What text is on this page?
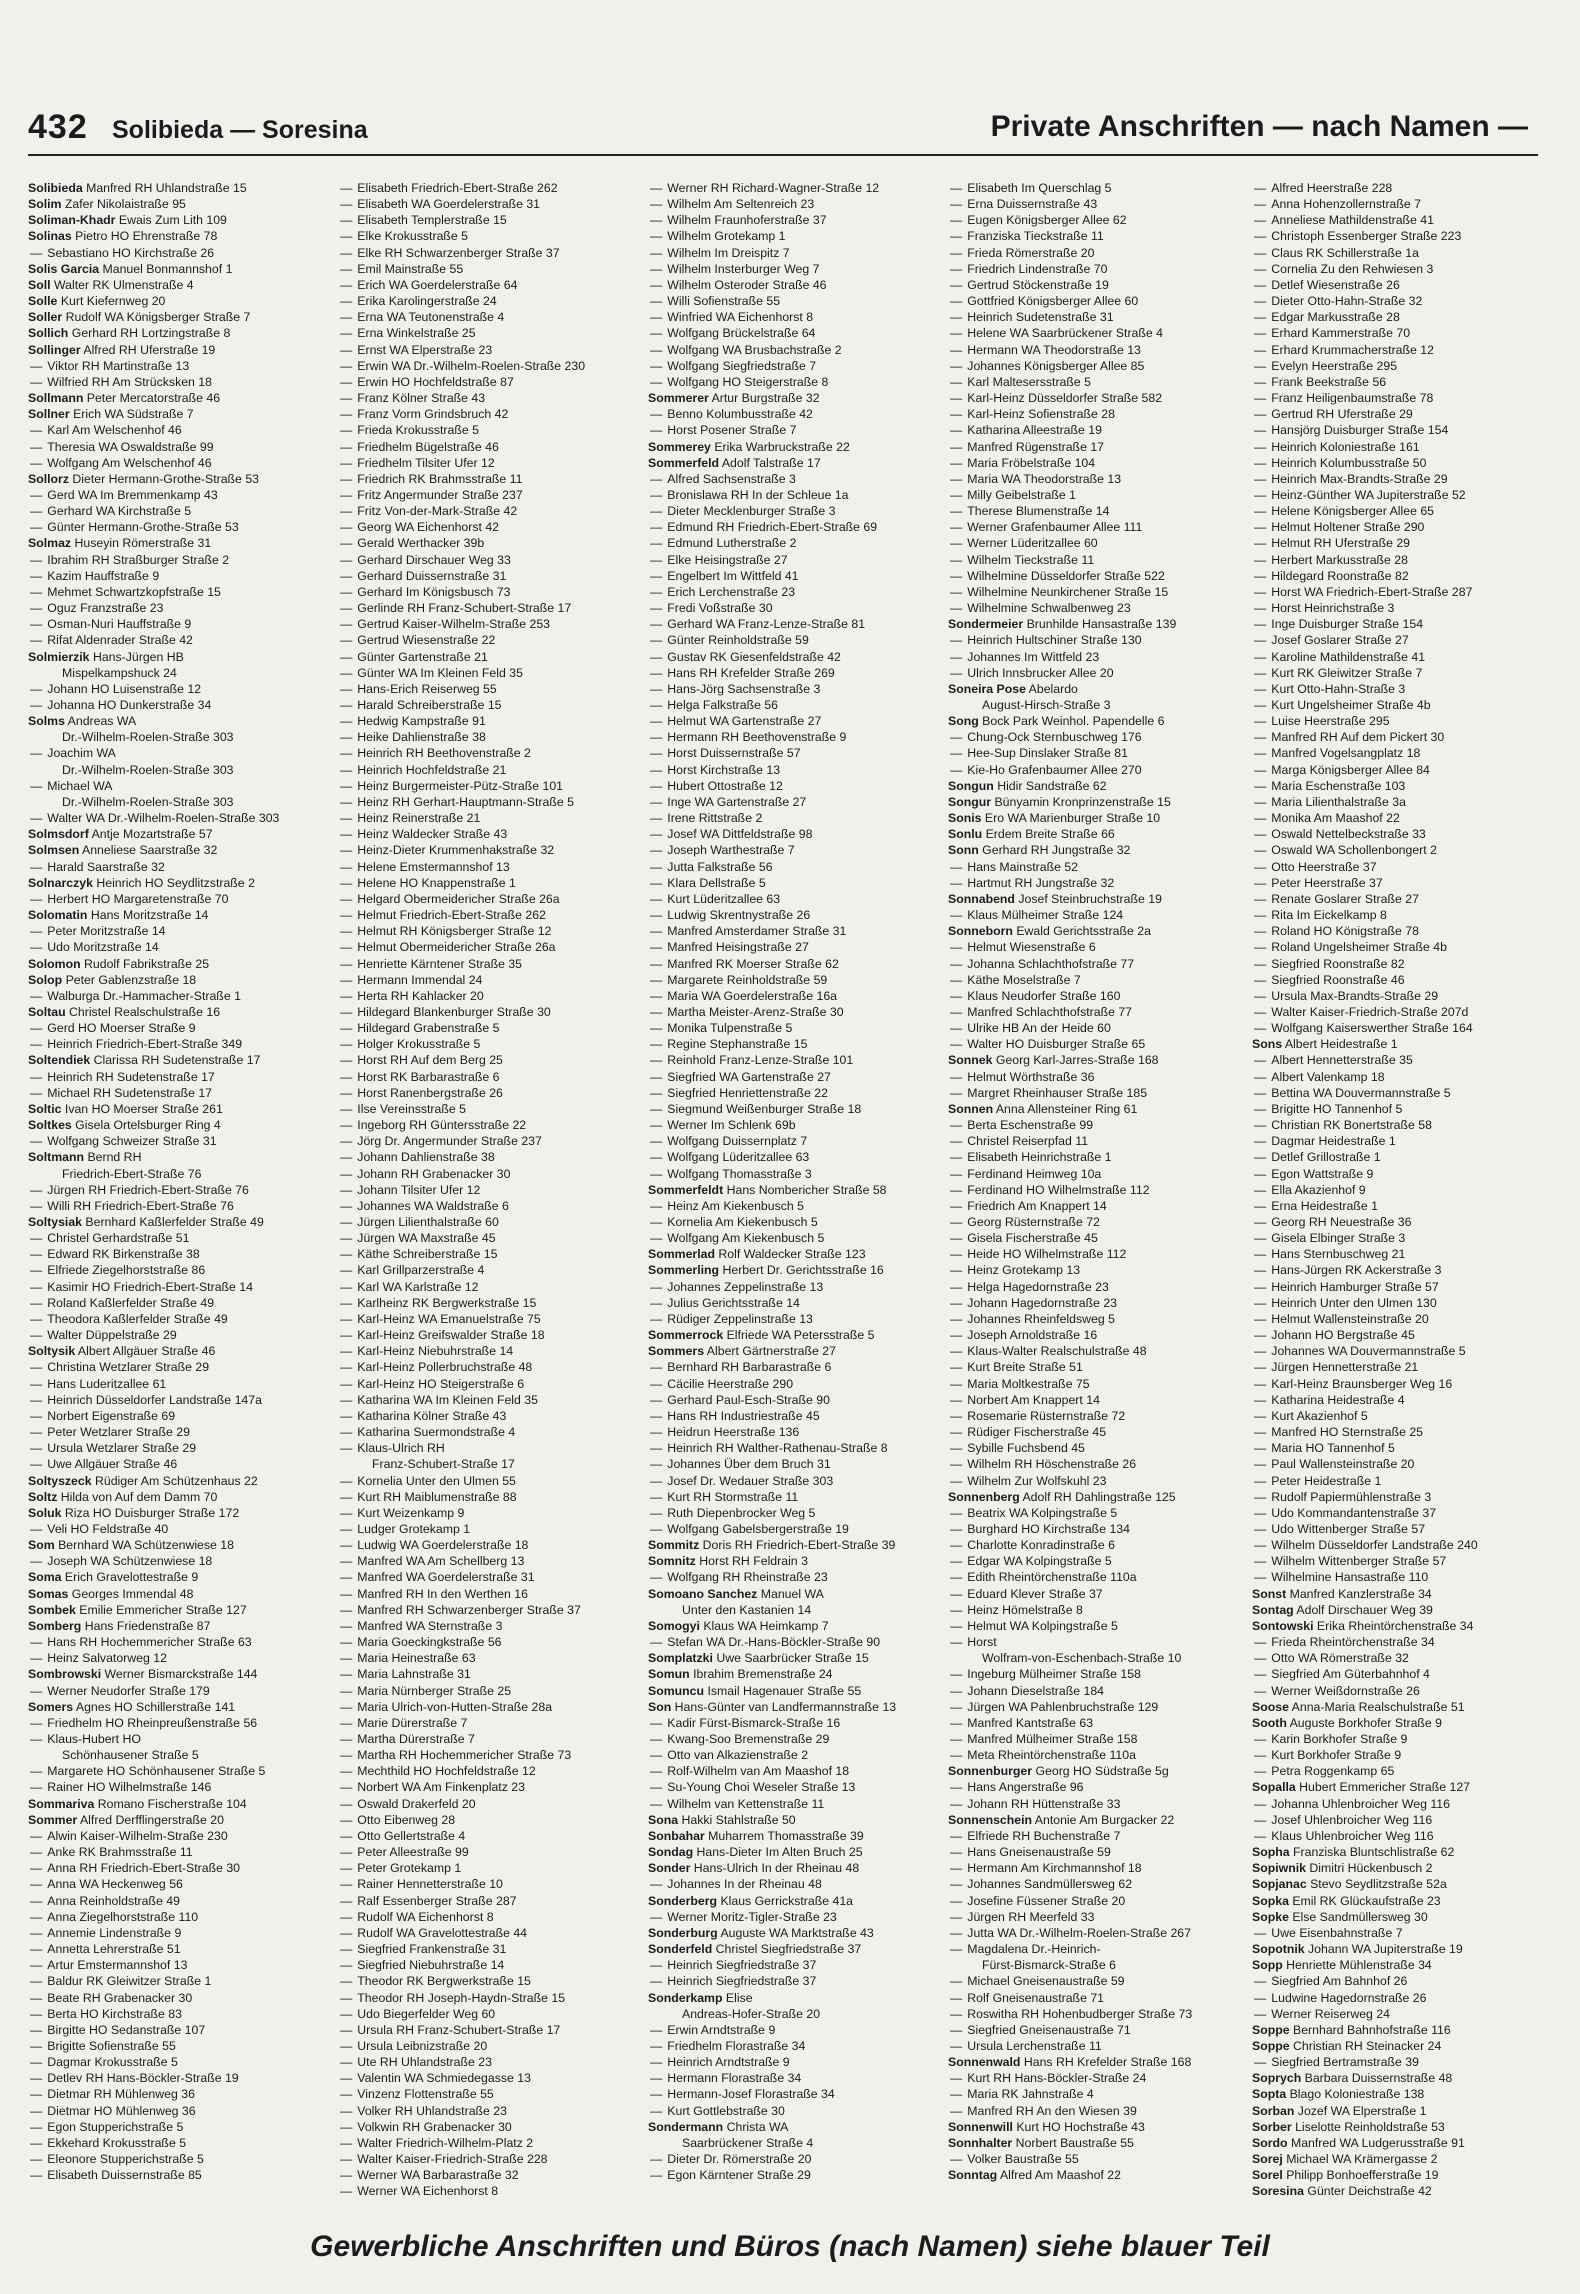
432 Solibieda — Soresina	Private Anschriften — nach Namen —
Solibieda Manfred RH Uhlandstraße 15
Solim Zafer Nikolaistraße 95
Soliman-Khadr Ewais Zum Lith 109
Solinas Pietro HO Ehrenstraße 78
— Sebastiano HO Kirchstraße 26
Solis Garcia Manuel Bonmannshof 1
Soll Walter RK Ulmenstraße 4
Solle Kurt Kiefernweg 20
Soller Rudolf WA Königsberger Straße 7
Sollich Gerhard RH Lortzingstraße 8
Sollinger Alfred RH Uferstraße 19
— Viktor RH Martinstraße 13
— Wilfried RH Am Strücksken 18
Sollmann Peter Mercatorstraße 46
Sollner Erich WA Südstraße 7
— Karl Am Welschenhof 46
— Theresia WA Oswaldstraße 99
— Wolfgang Am Welschenhof 46
Sollorz Dieter Hermann-Grothe-Straße 53
— Gerd WA Im Bremmenkamp 43
— Gerhard WA Kirchstraße 5
— Günter Hermann-Grothe-Straße 53
Solmaz Huseyin Römerstraße 31
— Ibrahim RH Straßburger Straße 2
— Kazim Hauffstraße 9
— Mehmet Schwartzkopfstraße 15
— Oguz Franzstraße 23
— Osman-Nuri Hauffstraße 9
— Rifat Aldenrader Straße 42
Solmierzik Hans-Jürgen HB
Mispelkampshuck 24
— Johann HO Luisenstraße 12
— Johanna HO Dunkerstraße 34
Solms Andreas WA
Dr.-Wilhelm-Roelen-Straße 303
— Joachim WA
Dr.-Wilhelm-Roelen-Straße 303
— Michael WA
Dr.-Wilhelm-Roelen-Straße 303
— Walter WA Dr.-Wilhelm-Roelen-Straße 303
Solmsdorf Antje Mozartstraße 57
Solmsen Anneliese Saarstraße 32
— Harald Saarstraße 32
Solnarczyk Heinrich HO Seydlitzstraße 2
— Herbert HO Margaretenstraße 70
Solomatin Hans Moritzstraße 14
— Peter Moritzstraße 14
— Udo Moritzstraße 14
Solomon Rudolf Fabrikstraße 25
Solop Peter Gablenzstraße 18
— Walburga Dr.-Hammacher-Straße 1
Soltau Christel Realschulstraße 16
— Gerd HO Moerser Straße 9
— Heinrich Friedrich-Ebert-Straße 349
Soltendiek Clarissa RH Sudetenstraße 17
— Heinrich RH Sudetenstraße 17
— Michael RH Sudetenstraße 17
Soltic Ivan HO Moerser Straße 261
Soltkes Gisela Ortelsburger Ring 4
— Wolfgang Schweizer Straße 31
Soltmann Bernd RH
Friedrich-Ebert-Straße 76
— Jürgen RH Friedrich-Ebert-Straße 76
— Willi RH Friedrich-Ebert-Straße 76
Soltysiak Bernhard Kaßlerfelder Straße 49
— Christel Gerhardstraße 51
— Edward RK Birkenstraße 38
— Elfriede Ziegelhorststraße 86
— Kasimir HO Friedrich-Ebert-Straße 14
— Roland Kaßlerfelder Straße 49
— Theodora Kaßlerfelder Straße 49
— Walter Düppelstraße 29
Soltysik Albert Allgäuer Straße 46
— Christina Wetzlarer Straße 29
— Hans Luderitzallee 61
— Heinrich Düsseldorfer Landstraße 147a
— Norbert Eigenstraße 69
— Peter Wetzlarer Straße 29
— Ursula Wetzlarer Straße 29
— Uwe Allgäuer Straße 46
Soltyszeck Rüdiger Am Schützenhaus 22
Soltz Hilda von Auf dem Damm 70
Soluk Riza HO Duisburger Straße 172
— Veli HO Feldstraße 40
Som Bernhard WA Schützenwiese 18
— Joseph WA Schützenwiese 18
Soma Erich Gravelottestraße 9
Somas Georges Immendal 48
Sombek Emilie Emmericher Straße 127
Somberg Hans Friedenstraße 87
— Hans RH Hochemmericher Straße 63
— Heinz Salvatorweg 12
Sombrowski Werner Bismarckstraße 144
— Werner Neudorfer Straße 179
Somers Agnes HO Schillerstraße 141
— Friedhelm HO Rheinpreußenstraße 56
— Klaus-Hubert HO
Schönhausener Straße 5
— Margarete HO Schönhausener Straße 5
— Rainer HO Wilhelmstraße 146
Sommariva Romano Fischerstraße 104
Sommer Alfred Derfflingerstraße 20
— Alwin Kaiser-Wilhelm-Straße 230
— Anke RK Brahmsstraße 11
— Anna RH Friedrich-Ebert-Straße 30
— Anna WA Heckenweg 56
— Anna Reinholdstraße 49
— Anna Ziegelhorststraße 110
— Annemie Lindenstraße 9
— Annetta Lehrerstraße 51
— Artur Emstermannshof 13
— Baldur RK Gleiwitzer Straße 1
— Beate RH Grabenacker 30
— Berta HO Kirchstraße 83
— Birgitte HO Sedanstraße 107
— Brigitte Sofienstraße 55
— Dagmar Krokusstraße 5
— Detlev RH Hans-Böckler-Straße 19
— Dietmar RH Mühlenweg 36
— Dietmar HO Mühlenweg 36
— Egon Stupperichstraße 5
— Ekkehard Krokusstraße 5
— Eleonore Stupperichstraße 5
— Elisabeth Duissernstraße 85
— Elisabeth Friedrich-Ebert-Straße 262
— Elisabeth WA Goerdelerstraße 31
— Elisabeth Templerstraße 15
— Elke Krokusstraße 5
— Elke RH Schwarzenberger Straße 37
— Emil Mainstraße 55
— Erich WA Goerdelerstraße 64
— Erika Karolingerstraße 24
— Erna WA Teutonenstraße 4
— Erna Winkelstraße 25
— Ernst WA Elperstraße 23
— Erwin WA Dr.-Wilhelm-Roelen-Straße 230
— Erwin HO Hochfeldstraße 87
— Franz Kölner Straße 43
— Franz Vorm Grindsbruch 42
— Frieda Krokusstraße 5
— Friedhelm Bügelstraße 46
— Friedhelm Tilsiter Ufer 12
— Friedrich RK Brahmsstraße 11
— Fritz Angermunder Straße 237
— Fritz Von-der-Mark-Straße 42
— Georg WA Eichenhorst 42
— Gerald Werthacker 39b
— Gerhard Dirschauer Weg 33
— Gerhard Duissernstraße 31
— Gerhard Im Königsbusch 73
— Gerlinde RH Franz-Schubert-Straße 17
— Gertrud Kaiser-Wilhelm-Straße 253
— Gertrud Wiesenstraße 22
— Günter Gartenstraße 21
— Günter WA Im Kleinen Feld 35
— Hans-Erich Reiserweg 55
— Harald Schreiberstraße 15
— Hedwig Kampstraße 91
— Heike Dahlienstraße 38
— Heinrich RH Beethovenstraße 2
— Heinrich Hochfeldstraße 21
— Heinz Burgermeister-Pütz-Straße 101
— Heinz RH Gerhart-Hauptmann-Straße 5
— Heinz Reinerstraße 21
— Heinz Waldecker Straße 43
— Heinz-Dieter Krummenhakstraße 32
— Helene Emstermannshof 13
— Helene HO Knappenstraße 1
— Helgard Obermeidericher Straße 26a
— Helmut Friedrich-Ebert-Straße 262
— Helmut RH Königsberger Straße 12
— Helmut Obermeidericher Straße 26a
— Henriette Kärntener Straße 35
— Hermann Immendal 24
— Herta RH Kahlacker 20
— Hildegard Blankenburger Straße 30
— Hildegard Grabenstraße 5
— Holger Krokusstraße 5
— Horst RH Auf dem Berg 25
— Horst RK Barbarastraße 6
— Horst Ranenbergstraße 26
— Ilse Vereinsstraße 5
— Ingeborg RH Güntersstraße 22
— Jörg Dr. Angermunder Straße 237
— Johann Dahlienstraße 38
— Johann RH Grabenacker 30
— Johann Tilsiter Ufer 12
— Johannes WA Waldstraße 6
— Jürgen Lilienthalstraße 60
— Jürgen WA Maxstraße 45
— Käthe Schreiberstraße 15
— Karl Grillparzerstraße 4
— Karl WA Karlstraße 12
— Karlheinz RK Bergwerkstraße 15
— Karl-Heinz WA Emanuelstraße 75
— Karl-Heinz Greifswalder Straße 18
— Karl-Heinz Niebuhrstraße 14
— Karl-Heinz Pollerbruchstraße 48
— Karl-Heinz HO Steigerstraße 6
— Katharina WA Im Kleinen Feld 35
— Katharina Kölner Straße 43
— Katharina Suermondstraße 4
— Klaus-Ulrich RH
Franz-Schubert-Straße 17
— Kornelia Unter den Ulmen 55
— Kurt RH Maiblumenstraße 88
— Kurt Weizenkamp 9
— Ludger Grotekamp 1
— Ludwig WA Goerdelerstraße 18
— Manfred WA Am Schellberg 13
— Manfred WA Goerdelerstraße 31
— Manfred RH In den Werthen 16
— Manfred RH Schwarzenberger Straße 37
— Manfred WA Sternstraße 3
— Maria Goeckingkstraße 56
— Maria Heinestraße 63
— Maria Lahnstraße 31
— Maria Nürnberger Straße 25
— Maria Ulrich-von-Hutten-Straße 28a
— Marie Dürerstraße 7
— Martha Dürerstraße 7
— Martha RH Hochemmericher Straße 73
— Mechthild HO Hochfeldstraße 12
— Norbert WA Am Finkenplatz 23
— Oswald Drakerfeld 20
— Otto Eibenweg 28
— Otto Gellertstraße 4
— Peter Alleestraße 99
— Peter Grotekamp 1
— Rainer Hennetterstraße 10
— Ralf Essenberger Straße 287
— Rudolf WA Eichenhorst 8
— Rudolf WA Gravelottestraße 44
— Siegfried Frankenstraße 31
— Siegfried Niebuhrstraße 14
— Theodor RK Bergwerkstraße 15
— Theodor RH Joseph-Haydn-Straße 15
— Udo Biegerfelder Weg 60
— Ursula RH Franz-Schubert-Straße 17
— Ursula Leibnizstraße 20
— Ute RH Uhlandstraße 23
— Valentin WA Schmiedegasse 13
— Vinzenz Flottenstraße 55
— Volker RH Uhlandstraße 23
— Volkwin RH Grabenacker 30
— Walter Friedrich-Wilhelm-Platz 2
— Walter Kaiser-Friedrich-Straße 228
— Werner WA Barbarastraße 32
— Werner WA Eichenhorst 8
— Werner RH Richard-Wagner-Straße 12
— Wilhelm Am Seltenreich 23
— Wilhelm Fraunhoferstraße 37
— Wilhelm Grotekamp 1
— Wilhelm Im Dreispitz 7
— Wilhelm Insterburger Weg 7
— Wilhelm Osteroder Straße 46
— Willi Sofienstraße 55
— Winfried WA Eichenhorst 8
— Wolfgang Brückelstraße 64
— Wolfgang WA Brusbachstraße 2
— Wolfgang Siegfriedstraße 7
— Wolfgang HO Steigerstraße 8
Sommerer Artur Burgstraße 32
— Benno Kolumbusstraße 42
— Horst Posener Straße 7
Sommerey Erika Warbruckstraße 22
Sommerfeld Adolf Talstraße 17
— Alfred Sachsenstraße 3
— Bronislawa RH In der Schleue 1a
— Dieter Mecklenburger Straße 3
— Edmund RH Friedrich-Ebert-Straße 69
— Edmund Lutherstraße 2
— Elke Heisingstraße 27
— Engelbert Im Wittfeld 41
— Erich Lerchenstraße 23
— Fredi Voßstraße 30
— Gerhard WA Franz-Lenze-Straße 81
— Günter Reinholdstraße 59
— Gustav RK Giesenfeldstraße 42
— Hans RH Krefelder Straße 269
— Hans-Jörg Sachsenstraße 3
— Helga Falkstraße 56
— Helmut WA Gartenstraße 27
— Hermann RH Beethovenstraße 9
— Horst Duissernstraße 57
— Horst Kirchstraße 13
— Hubert Ottostraße 12
— Inge WA Gartenstraße 27
— Irene Rittstraße 2
— Josef WA Dittfeldstraße 98
— Joseph Warthestraße 7
— Jutta Falkstraße 56
— Klara Dellstraße 5
— Kurt Lüderitzallee 63
— Ludwig Skrentnystraße 26
— Manfred Amsterdamer Straße 31
— Manfred Heisingstraße 27
— Manfred RK Moerser Straße 62
— Margarete Reinholdstraße 59
— Maria WA Goerdelerstraße 16a
— Martha Meister-Arenz-Straße 30
— Monika Tulpenstraße 5
— Regine Stephanstraße 15
— Reinhold Franz-Lenze-Straße 101
— Siegfried WA Gartenstraße 27
— Siegfried Henriettenstraße 22
— Siegmund Weißenburger Straße 18
— Werner Im Schlenk 69b
— Wolfgang Duissernplatz 7
— Wolfgang Lüderitzallee 63
— Wolfgang Thomasstraße 3
Sommerfeldt Hans Nombericher Straße 58
— Heinz Am Kiekenbusch 5
— Kornelia Am Kiekenbusch 5
— Wolfgang Am Kiekenbusch 5
Sommerlad Rolf Waldecker Straße 123
Sommerling Herbert Dr. Gerichtsstraße 16
— Johannes Zeppelinstraße 13
— Julius Gerichtsstraße 14
— Rüdiger Zeppelinstraße 13
Sommerrock Elfriede WA Petersstraße 5
Sommers Albert Gärtnerstraße 27
— Bernhard RH Barbarastraße 6
— Cäcilie Heerstraße 290
— Gerhard Paul-Esch-Straße 90
— Hans RH Industriestraße 45
— Heidrun Heerstraße 136
— Heinrich RH Walther-Rathenau-Straße 8
— Johannes Über dem Bruch 31
— Josef Dr. Wedauer Straße 303
— Kurt RH Stormstraße 11
— Ruth Diepenbrocker Weg 5
— Wolfgang Gabelsbergerstraße 19
Sommitz Doris RH Friedrich-Ebert-Straße 39
Somnitz Horst RH Feldrain 3
— Wolfgang RH Rheinstraße 23
Somoano Sanchez Manuel WA
Unter den Kastanien 14
Somogyi Klaus WA Heimkamp 7
— Stefan WA Dr.-Hans-Böckler-Straße 90
Somplatzki Uwe Saarbrücker Straße 15
Somun Ibrahim Bremenstraße 24
Somuncu Ismail Hagenauer Straße 55
Son Hans-Günter van Landfermannstraße 13
— Kadir Fürst-Bismarck-Straße 16
— Kwang-Soo Bremenstraße 29
— Otto van Alkazienstraße 2
— Rolf-Wilhelm van Am Maashof 18
— Su-Young Choi Weseler Straße 13
— Wilhelm van Kettenstraße 11
Sona Hakki Stahlstraße 50
Sonbahar Muharrem Thomasstraße 39
Sondag Hans-Dieter Im Alten Bruch 25
Sonder Hans-Ulrich In der Rheinau 48
— Johannes In der Rheinau 48
Sonderberg Klaus Gerrickstraße 41a
— Werner Moritz-Tigler-Straße 23
Sonderburg Auguste WA Marktstraße 43
Sonderfeld Christel Siegfriedstraße 37
— Heinrich Siegfriedstraße 37
— Heinrich Siegfriedstraße 37
Sonderkamp Elise
Andreas-Hofer-Straße 20
— Erwin Arndtstraße 9
— Friedhelm Florastraße 34
— Heinrich Arndtstraße 9
— Hermann Florastraße 34
— Hermann-Josef Florastraße 34
— Kurt Gottlebstraße 30
Sondermann Christa WA
Saarbrückener Straße 4
— Dieter Dr. Römerstraße 20
— Egon Kärntener Straße 29
— Elisabeth Im Querschlag 5
— Erna Duissernstraße 43
— Eugen Königsberger Allee 62
— Franziska Tieckstraße 11
— Frieda Römerstraße 20
— Friedrich Lindenstraße 70
— Gertrud Stöckenstraße 19
— Gottfried Königsberger Allee 60
— Heinrich Sudetenstraße 31
— Helene WA Saarbrückener Straße 4
— Hermann WA Theodorstraße 13
— Johannes Königsberger Allee 85
— Karl Maltesersstraße 5
— Karl-Heinz Düsseldorfer Straße 582
— Karl-Heinz Sofienstraße 28
— Katharina Alleestraße 19
— Manfred Rügenstraße 17
— Maria Fröbelstraße 104
— Maria WA Theodorstraße 13
— Milly Geibelstraße 1
— Therese Blumenstraße 14
— Werner Grafenbaumer Allee 111
— Werner Lüderitzallee 60
— Wilhelm Tieckstraße 11
— Wilhelmine Düsseldorfer Straße 522
— Wilhelmine Neunkirchener Straße 15
— Wilhelmine Schwalbenweg 23
Sondermeier Brunhilde Hansastraße 139
— Heinrich Hultschiner Straße 130
— Johannes Im Wittfeld 23
— Ulrich Innsbrucker Allee 20
Soneira Pose Abelardo
August-Hirsch-Straße 3
Song Bock Park Weinhol. Papendelle 6
— Chung-Ock Sternbuschweg 176
— Hee-Sup Dinslaker Straße 81
— Kie-Ho Grafenbaumer Allee 270
Songun Hidir Sandstraße 62
Songur Bünyamin Kronprinzenstraße 15
Sonis Ero WA Marienburger Straße 10
Sonlu Erdem Breite Straße 66
Sonn Gerhard RH Jungstraße 32
— Hans Mainstraße 52
— Hartmut RH Jungstraße 32
Sonnabend Josef Steinbruchstraße 19
— Klaus Mülheimer Straße 124
Sonneborn Ewald Gerichtsstraße 2a
— Helmut Wiesenstraße 6
— Johanna Schlachthofstraße 77
— Käthe Moselstraße 7
— Klaus Neudorfer Straße 160
— Manfred Schlachthofstraße 77
— Ulrike HB An der Heide 60
— Walter HO Duisburger Straße 65
Sonnek Georg Karl-Jarres-Straße 168
— Helmut Wörthstraße 36
— Margret Rheinhauser Straße 185
Sonnen Anna Allensteiner Ring 61
— Berta Eschenstraße 99
— Christel Reiserpfad 11
— Elisabeth Heinrichstraße 1
— Ferdinand Heimweg 10a
— Ferdinand HO Wilhelmstraße 112
— Friedrich Am Knappert 14
— Georg Rüsternstraße 72
— Gisela Fischerstraße 45
— Heide HO Wilhelmstraße 112
— Heinz Grotekamp 13
— Helga Hagedornstraße 23
— Johann Hagedornstraße 23
— Johannes Rheinfeldsweg 5
— Joseph Arnoldstraße 16
— Klaus-Walter Realschulstraße 48
— Kurt Breite Straße 51
— Maria Moltkestraße 75
— Norbert Am Knappert 14
— Rosemarie Rüsternstraße 72
— Rüdiger Fischerstraße 45
— Sybille Fuchsbend 45
— Wilhelm RH Höschenstraße 26
— Wilhelm Zur Wolfskuhl 23
Sonnenberg Adolf RH Dahlingstraße 125
— Beatrix WA Kolpingstraße 5
— Burghard HO Kirchstraße 134
— Charlotte Konradinstraße 6
— Edgar WA Kolpingstraße 5
— Edith Rheintörchenstraße 110a
— Eduard Klever Straße 37
— Heinz Hömelstraße 8
— Helmut WA Kolpingstraße 5
— Horst
Wolfram-von-Eschenbach-Straße 10
— Ingeburg Mülheimer Straße 158
— Johann Dieselstraße 184
— Jürgen WA Pahlenbruchstraße 129
— Manfred Kantstraße 63
— Manfred Mülheimer Straße 158
— Meta Rheintörchenstraße 110a
Sonnenburger Georg HO Südstraße 5g
— Hans Angerstraße 96
— Johann RH Hüttenstraße 33
Sonnenschein Antonie Am Burgacker 22
— Elfriede RH Buchenstraße 7
— Hans Gneisenaustraße 59
— Hermann Am Kirchmannshof 18
— Johannes Sandmüllersweg 62
— Josefine Füssener Straße 20
— Jürgen RH Meerfeld 33
— Jutta WA Dr.-Wilhelm-Roelen-Straße 267
— Magdalena Dr.-Heinrich-
Fürst-Bismarck-Straße 6
— Michael Gneisenaustraße 59
— Rolf Gneisenaustraße 71
— Roswitha RH Hohenbudberger Straße 73
— Siegfried Gneisenaustraße 71
— Ursula Lerchenstraße 11
Sonnenwald Hans RH Krefelder Straße 168
— Kurt RH Hans-Böckler-Straße 24
— Maria RK Jahnstraße 4
— Manfred RH An den Wiesen 39
Sonnenwill Kurt HO Hochstraße 43
Sonnhalter Norbert Baustraße 55
— Volker Baustraße 55
Sonntag Alfred Am Maashof 22
— Alfred Heerstraße 228
— Anna Hohenzollernstraße 7
— Anneliese Mathildenstraße 41
— Christoph Essenberger Straße 223
— Claus RK Schillerstraße 1a
— Cornelia Zu den Rehwiesen 3
— Detlef Wiesenstraße 26
— Dieter Otto-Hahn-Straße 32
— Edgar Markusstraße 28
— Erhard Kammerstraße 70
— Erhard Krummacherstraße 12
— Evelyn Heerstraße 295
— Frank Beekstraße 56
— Franz Heiligenbaumstraße 78
— Gertrud RH Uferstraße 29
— Hansjörg Duisburger Straße 154
— Heinrich Koloniestraße 161
— Heinrich Kolumbusstraße 50
— Heinrich Max-Brandts-Straße 29
— Heinz-Günther WA Jupiterstraße 52
— Helene Königsberger Allee 65
— Helmut Holtener Straße 290
— Helmut RH Uferstraße 29
— Herbert Markusstraße 28
— Hildegard Roonstraße 82
— Horst WA Friedrich-Ebert-Straße 287
— Horst Heinrichstraße 3
— Inge Duisburger Straße 154
— Josef Goslarer Straße 27
— Karoline Mathildenstraße 41
— Kurt RK Gleiwitzer Straße 7
— Kurt Otto-Hahn-Straße 3
— Kurt Ungelsheimer Straße 4b
— Luise Heerstraße 295
— Manfred RH Auf dem Pickert 30
— Manfred Vogelsangplatz 18
— Marga Königsberger Allee 84
— Maria Eschenstraße 103
— Maria Lilienthalstraße 3a
— Monika Am Maashof 22
— Oswald Nettelbeckstraße 33
— Oswald WA Schollenbongert 2
— Otto Heerstraße 37
— Peter Heerstraße 37
— Renate Goslarer Straße 27
— Rita Im Eickelkamp 8
— Roland HO Königstraße 78
— Roland Ungelsheimer Straße 4b
— Siegfried Roonstraße 82
— Siegfried Roonstraße 46
— Ursula Max-Brandts-Straße 29
— Walter Kaiser-Friedrich-Straße 207d
— Wolfgang Kaiserswerther Straße 164
Sons Albert Heidestraße 1
— Albert Hennetterstraße 35
— Albert Valenkamp 18
— Bettina WA Douvermannstraße 5
— Brigitte HO Tannenhof 5
— Christian RK Bonertstraße 58
— Dagmar Heidestraße 1
— Detlef Grillostraße 1
— Egon Wattstraße 9
— Ella Akazienhof 9
— Erna Heidestraße 1
— Georg RH Neuestraße 36
— Gisela Elbinger Straße 3
— Hans Sternbuschweg 21
— Hans-Jürgen RK Ackerstraße 3
— Heinrich Hamburger Straße 57
— Heinrich Unter den Ulmen 130
— Helmut Wallensteinstraße 20
— Johann HO Bergstraße 45
— Johannes WA Douvermannstraße 5
— Jürgen Hennetterstraße 21
— Karl-Heinz Braunsberger Weg 16
— Katharina Heidestraße 4
— Kurt Akazienhof 5
— Manfred HO Sternstraße 25
— Maria HO Tannenhof 5
— Paul Wallensteinstraße 20
— Peter Heidestraße 1
— Rudolf Papiermühlenstraße 3
— Udo Kommandantenstraße 37
— Udo Wittenberger Straße 57
— Wilhelm Düsseldorfer Landstraße 240
— Wilhelm Wittenberger Straße 57
— Wilhelmine Hansastraße 110
Sonst Manfred Kanzlerstraße 34
Sontag Adolf Dirschauer Weg 39
Sontowski Erika Rheintörchenstraße 34
— Frieda Rheintörchenstraße 34
— Otto WA Römerstraße 32
— Siegfried Am Güterbahnhof 4
— Werner Weißdornstraße 26
Soose Anna-Maria Realschulstraße 51
Sooth Auguste Borkhofer Straße 9
— Karin Borkhofer Straße 9
— Kurt Borkhofer Straße 9
— Petra Roggenkamp 65
Sopalla Hubert Emmericher Straße 127
— Johanna Uhlenbroicher Weg 116
— Josef Uhlenbroicher Weg 116
— Klaus Uhlenbroicher Weg 116
Sopha Franziska Bluntschlistraße 62
Sopiwnik Dimitri Hückenbusch 2
Sopjanac Stevo Seydlitzstraße 52a
Sopka Emil RK Glückaufstraße 23
Sopke Else Sandmüllersweg 30
— Uwe Eisenbahnstraße 7
Sopotnik Johann WA Jupiterstraße 19
Sopp Henriette Mühlenstraße 34
— Siegfried Am Bahnhof 26
— Ludwine Hagedornstraße 26
— Werner Reiserweg 24
Soppe Bernhard Bahnhofstraße 116
Soppe Christian RH Steinacker 24
— Siegfried Bertramstraße 39
Soprych Barbara Duissernstraße 48
Sopta Blago Koloniestraße 138
Sorban Jozef WA Elperstraße 1
Sorber Liselotte Reinholdstraße 53
Sordo Manfred WA Ludgerusstraße 91
Sorej Michael WA Krämergasse 2
Sorel Philipp Bonhoefferstraße 19
Soresina Günter Deichstraße 42
Gewerbliche Anschriften und Büros (nach Namen) siehe blauer Teil
